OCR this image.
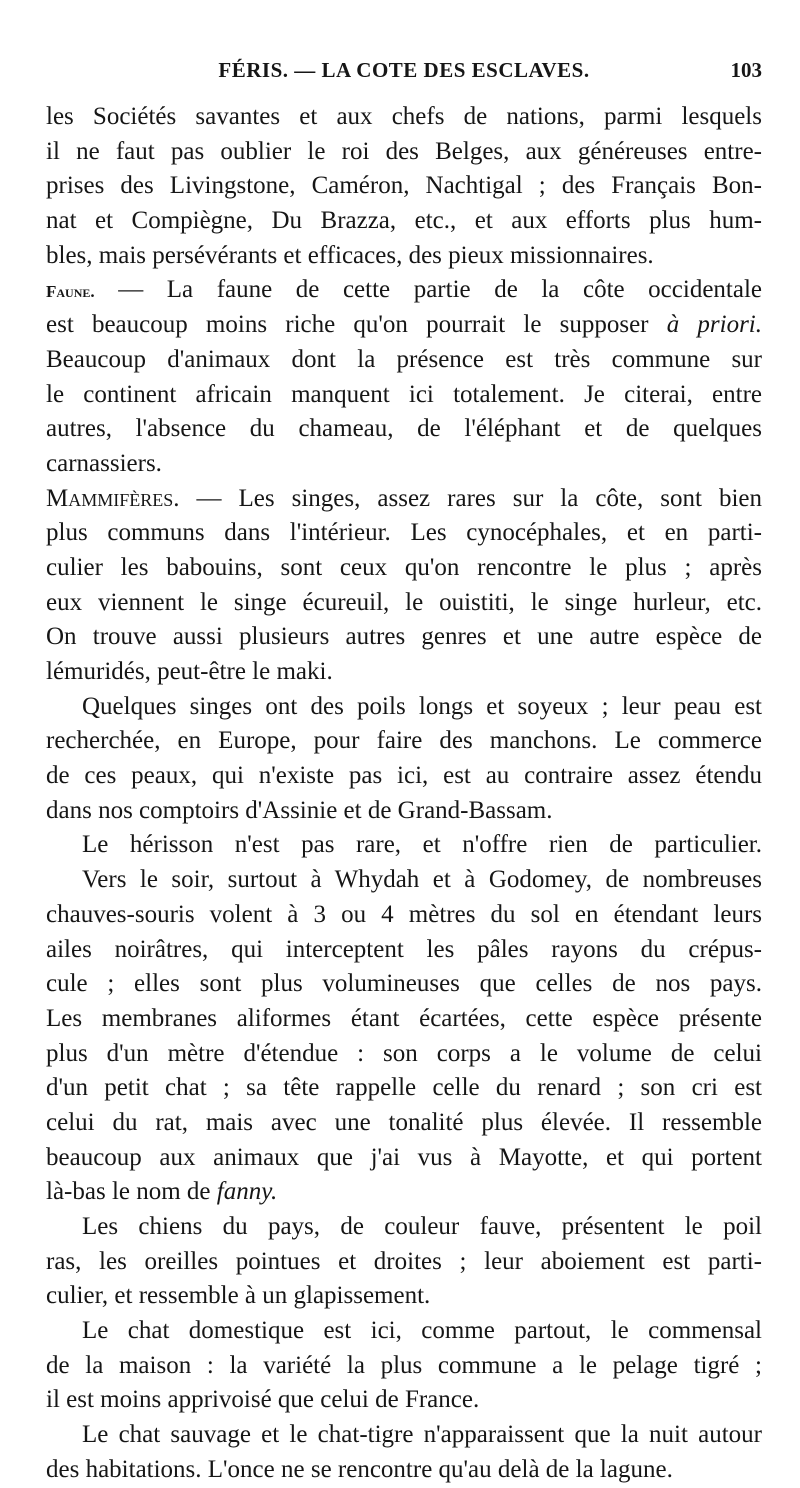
FÉRIS. — LA COTE DES ESCLAVES.	103
les Sociétés savantes et aux chefs de nations, parmi lesquels
il ne faut pas oublier le roi des Belges, aux généreuses entre-
prises des Livingstone, Caméron, Nachtigal ; des Français Bon-
nat et Compiègne, Du Brazza, etc., et aux efforts plus hum-
bles, mais persévérants et efficaces, des pieux missionnaires.
Faune. — La faune de cette partie de la côte occidentale
est beaucoup moins riche qu'on pourrait le supposer à priori.
Beaucoup d'animaux dont la présence est très commune sur
le continent africain manquent ici totalement. Je citerai, entre
autres, l'absence du chameau, de l'éléphant et de quelques
carnassiers.
Mammifères. — Les singes, assez rares sur la côte, sont bien
plus communs dans l'intérieur. Les cynocéphales, et en parti-
culier les babouins, sont ceux qu'on rencontre le plus ; après
eux viennent le singe écureuil, le ouistiti, le singe hurleur, etc.
On trouve aussi plusieurs autres genres et une autre espèce de
lémuridés, peut-être le maki.
Quelques singes ont des poils longs et soyeux ; leur peau est
recherchée, en Europe, pour faire des manchons. Le commerce
de ces peaux, qui n'existe pas ici, est au contraire assez étendu
dans nos comptoirs d'Assinie et de Grand-Bassam.
Le hérisson n'est pas rare, et n'offre rien de particulier.
Vers le soir, surtout à Whydah et à Godomey, de nombreuses
chauves-souris volent à 3 ou 4 mètres du sol en étendant leurs
ailes noirâtres, qui interceptent les pâles rayons du crépus-
cule ; elles sont plus volumineuses que celles de nos pays.
Les membranes aliformes étant écartées, cette espèce présente
plus d'un mètre d'étendue : son corps a le volume de celui
d'un petit chat ; sa tête rappelle celle du renard ; son cri est
celui du rat, mais avec une tonalité plus élevée. Il ressemble
beaucoup aux animaux que j'ai vus à Mayotte, et qui portent
là-bas le nom de fanny.
Les chiens du pays, de couleur fauve, présentent le poil
ras, les oreilles pointues et droites ; leur aboiement est parti-
culier, et ressemble à un glapissement.
Le chat domestique est ici, comme partout, le commensal
de la maison : la variété la plus commune a le pelage tigré ;
il est moins apprivoisé que celui de France.
Le chat sauvage et le chat-tigre n'apparaissent que la nuit autour
des habitations. L'once ne se rencontre qu'au delà de la lagune.
